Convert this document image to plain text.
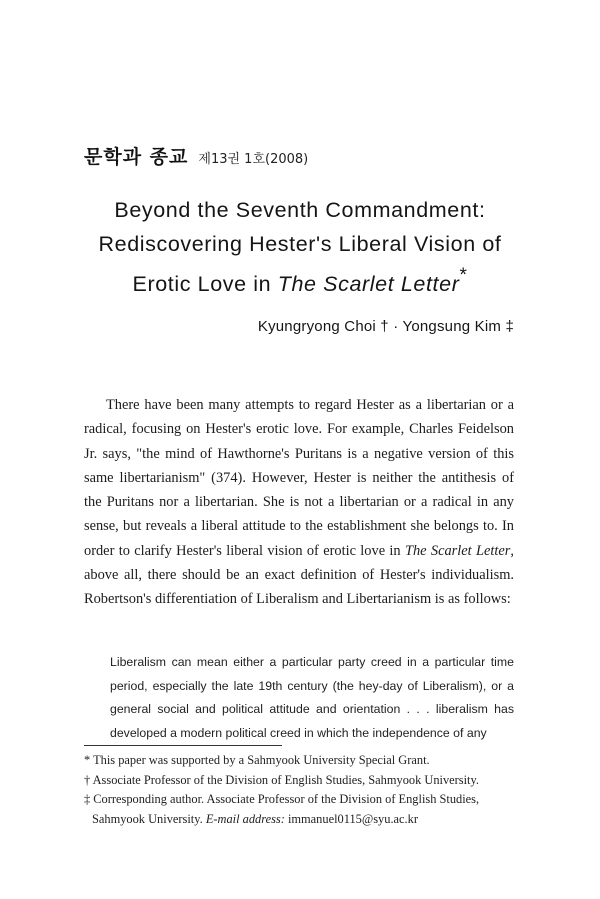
문학과 종교 제13권 1호(2008)
Beyond the Seventh Commandment:
Rediscovering Hester's Liberal Vision of
Erotic Love in The Scarlet Letter*
Kyungryong Choi † · Yongsung Kim ‡

There have been many attempts to regard Hester as a libertarian or a radical, focusing on Hester's erotic love. For example, Charles Feidelson Jr. says, "the mind of Hawthorne's Puritans is a negative version of this same libertarianism" (374). However, Hester is neither the antithesis of the Puritans nor a libertarian. She is not a libertarian or a radical in any sense, but reveals a liberal attitude to the establishment she belongs to. In order to clarify Hester's liberal vision of erotic love in The Scarlet Letter, above all, there should be an exact definition of Hester's individualism. Robertson's differentiation of Liberalism and Libertarianism is as follows:

Liberalism can mean either a particular party creed in a particular time period, especially the late 19th century (the hey-day of Liberalism), or a general social and political attitude and orientation . . . liberalism has developed a modern political creed in which the independence of any

* This paper was supported by a Sahmyook University Special Grant.
† Associate Professor of the Division of English Studies, Sahmyook University.
‡ Corresponding author. Associate Professor of the Division of English Studies,
Sahmyook University. E-mail address: immanuel0115@syu.ac.kr
